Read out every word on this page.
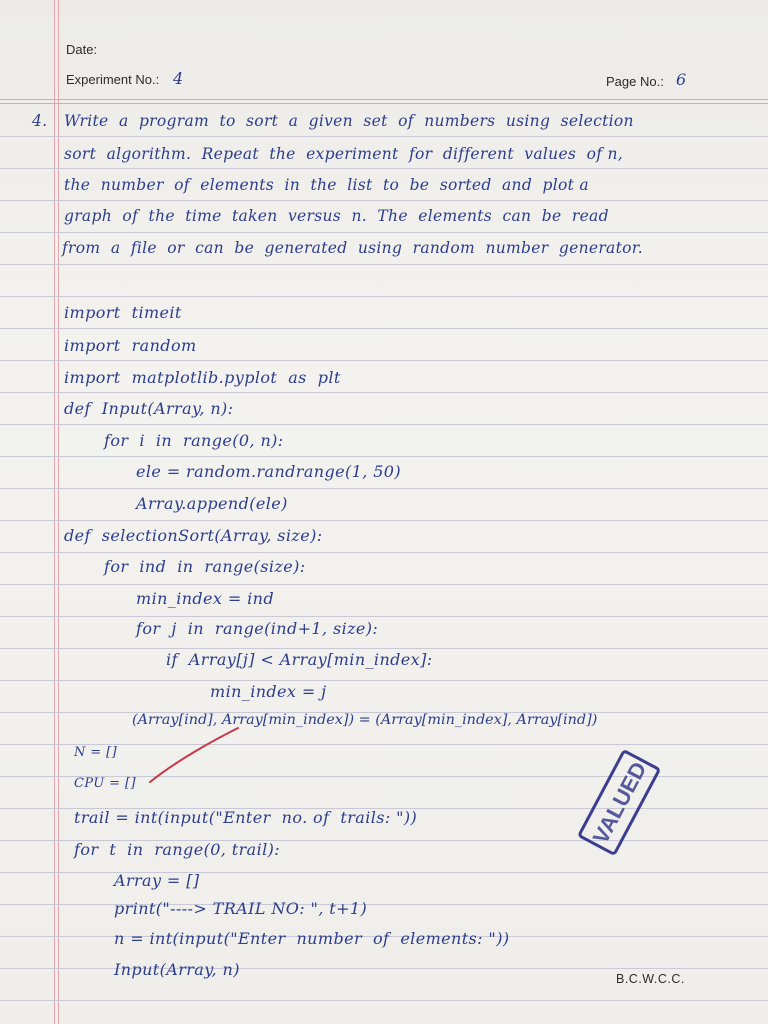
Date:
Experiment No.: 4	Page No.: 6
4. Write  a  program  to  sort  a  given  set  of  numbers  using  selection
sort  algorithm.  Repeat  the  experiment  for  different  values  of n,
the  number  of  elements  in  the  list  to  be  sorted  and  plot a
graph  of  the  time  taken  versus  n.  The  elements  can  be  read
from  a  file  or  can  be  generated  using  random  number  generator.
import  timeit
import  random
import  matplotlib.pyplot  as  plt
def  Input(Array, n):
for  i  in  range(0, n):
ele = random.randrange(1, 50)
Array.append(ele)
def  selectionSort(Array, size):
for  ind  in  range(size):
min_index = ind
for  j  in  range(ind+1, size):
if  Array[j] < Array[min_index]:
min_index = j
(Array[ind], Array[min_index]) = (Array[min_index], Array[ind])
N = []
CPU = []
trail = int(input("Enter  no. of  trails: "))
for  t  in  range(0, trail):
Array = []
print("----> TRAIL NO: ", t+1)
n = int(input("Enter  number  of  elements: "))
Input(Array, n)
VALUED
B.C.W.C.C.
